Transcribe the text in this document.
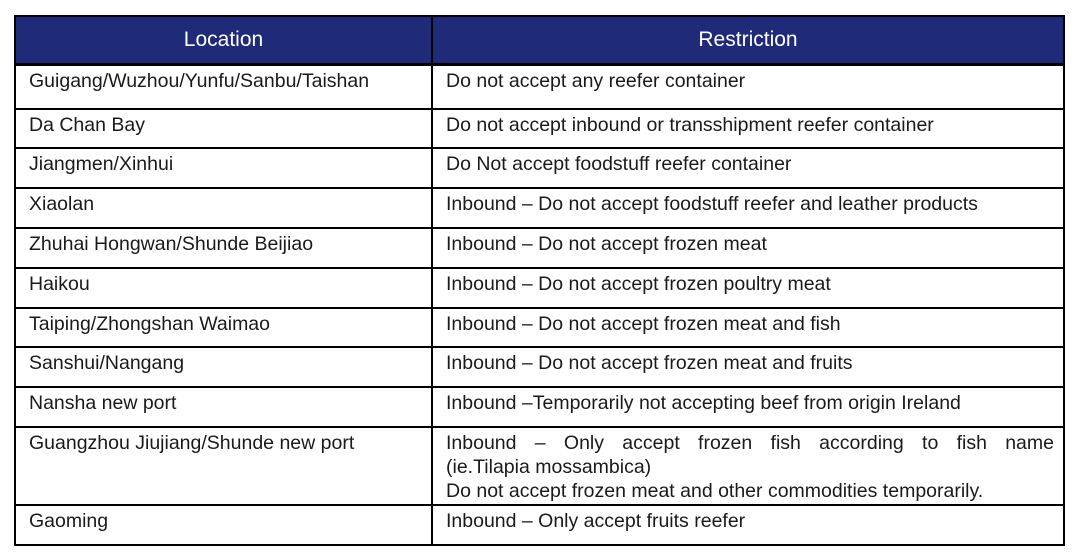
Location	Restriction
Guigang/Wuzhou/Yunfu/Sanbu/Taishan	Do not accept any reefer container

Da Chan Bay	Do not accept inbound or transshipment reefer container

Jiangmen/Xinhui	Do Not accept foodstuff reefer container

Xiaolan	Inbound – Do not accept foodstuff reefer and leather products

Zhuhai Hongwan/Shunde Beijiao	Inbound – Do not accept frozen meat

Haikou	Inbound – Do not accept frozen poultry meat

Taiping/Zhongshan Waimao	Inbound – Do not accept frozen meat and fish

Sanshui/Nangang	Inbound – Do not accept frozen meat and fruits

Nansha new port	Inbound –Temporarily not accepting beef from origin Ireland

Guangzhou Jiujiang/Shunde new port	Inbound – Only accept frozen fish according to fish name
(ie.Tilapia mossambica)
Do not accept frozen meat and other commodities temporarily.

Gaoming	Inbound – Only accept fruits reefer
